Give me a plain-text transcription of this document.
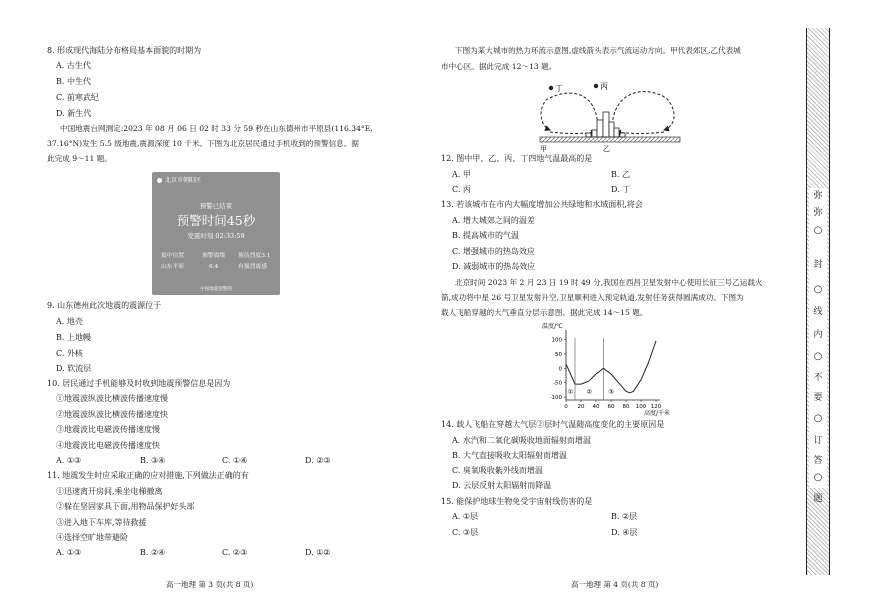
8. 形成现代海陆分布格局基本面貌的时期为
A. 古生代
B. 中生代
C. 前寒武纪
D. 新生代
中国地震台网测定:2023 年 08 月 06 日 02 时 33 分 59 秒在山东德州市平原县(116.34°E,
37.16°N)发生 5.5 级地震,震源深度 10 千米。下图为北京居民通过手机收到的预警信息。据
此完成 9～11 题。
北京市朝阳区
预警已结束
预警时间45秒
发震时刻 02:33:59
震中位置
山东平原
预警震级
6.4
预估烈度3.1
有强烈震感
中国地震预警网
9. 山东德州此次地震的震源位于
A. 地壳
B. 上地幔
C. 外核
D. 软流层
10. 居民通过手机能够及时收到地震预警信息是因为
①地震波纵波比横波传播速度慢
②地震波纵波比横波传播速度快
③地震波比电磁波传播速度慢
④地震波比电磁波传播速度快
A. ①③	B. ③④	C. ①④	D. ②③
11. 地震发生时应采取正确的应对措施,下列做法正确的有
①迅速离开房间,乘坐电梯撤离
②躲在坚固家具下面,用物品保护好头部
③进入地下车库,等待救援
④选择空旷地带避险
A. ①③	B. ②④	C. ②③	D. ①②
高一地理 第 3 页(共 8 页)
下图为某大城市的热力环流示意图,虚线箭头表示气流运动方向。甲代表郊区,乙代表城
市中心区。据此完成 12～13 题。
丁	丙
甲	乙
12. 图中甲、乙、丙、丁四地气温最高的是
A. 甲	B. 乙
C. 丙	D. 丁
13. 若该城市在市内大幅度增加公共绿地和水域面积,将会
A. 增大城郊之间的温差
B. 提高城市的气温
C. 增强城市的热岛效应
D. 减弱城市的热岛效应
北京时间 2023 年 2 月 23 日 19 时 49 分,我国在西昌卫星发射中心使用长征三号乙运载火
箭,成功将中星 26 号卫星发射升空,卫星顺利进入预定轨道,发射任务获得圆满成功。下图为
载人飞船穿越的大气垂直分层示意图。据此完成 14～15 题。
温度/℃
高度/千米
100
50
0
-50
-100
0 20 40 60 80 100 120
① ② ③
14. 载人飞船在穿越大气层②层时气温随高度变化的主要原因是
A. 水汽和二氧化碳吸收地面辐射而增温
B. 大气直接吸收太阳辐射而增温
C. 臭氧吸收紫外线而增温
D. 云层反射太阳辐射而降温
15. 能保护地球生物免受宇宙射线伤害的是
A. ①层	B. ②层
C. ③层	D. ④层
高一地理 第 4 页(共 8 页)
弥
弥
○
封
○
线
内
○
不
要
○
订
答
○
题
